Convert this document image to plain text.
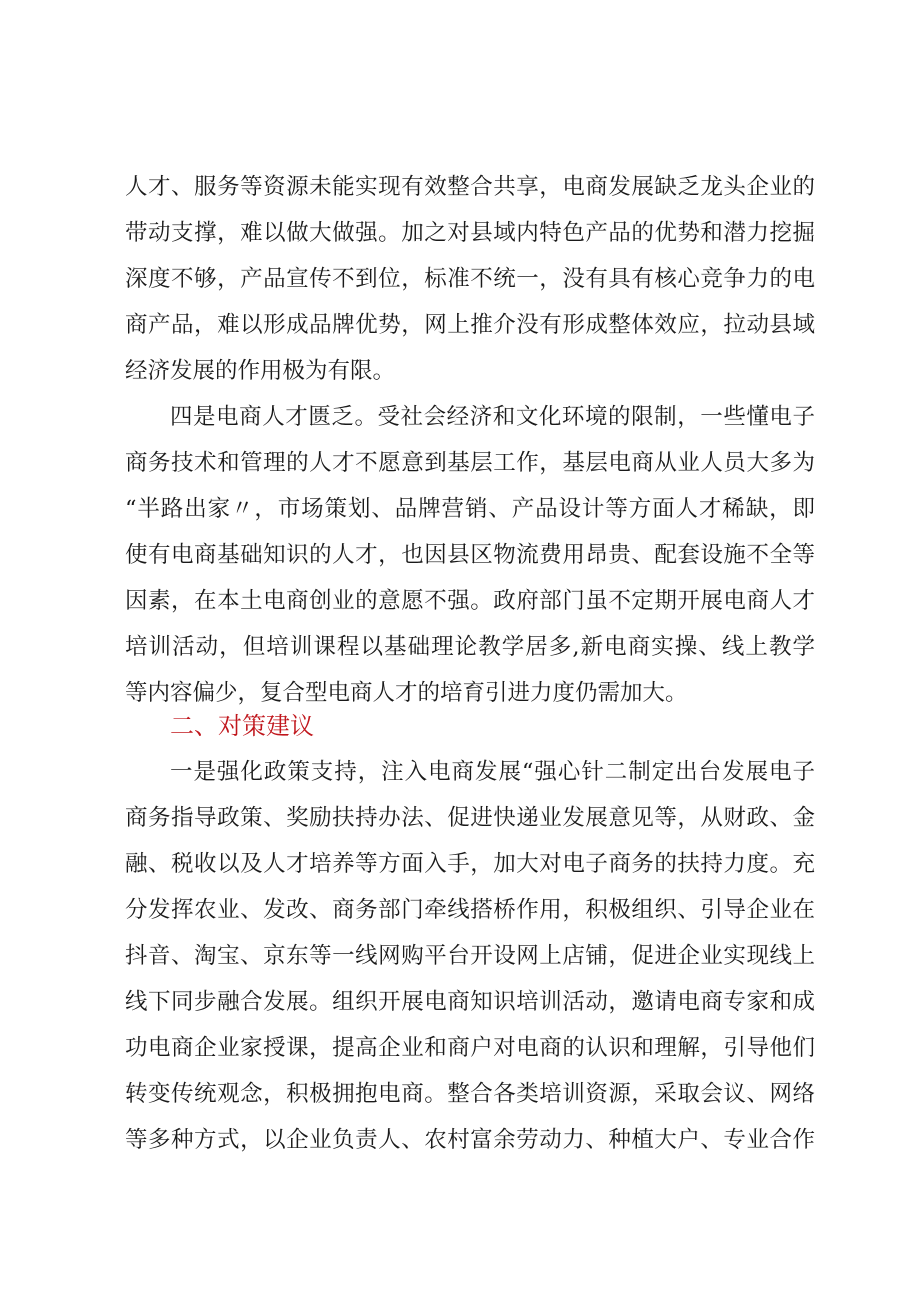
人才、服务等资源未能实现有效整合共享，电商发展缺乏龙头企业的
带动支撑，难以做大做强。加之对县域内特色产品的优势和潜力挖掘
深度不够，产品宣传不到位，标准不统一，没有具有核心竞争力的电
商产品，难以形成品牌优势，网上推介没有形成整体效应，拉动县域
经济发展的作用极为有限。
四是电商人才匮乏。受社会经济和文化环境的限制，一些懂电子
商务技术和管理的人才不愿意到基层工作，基层电商从业人员大多为
“半路出家〃，市场策划、品牌营销、产品设计等方面人才稀缺，即
使有电商基础知识的人才，也因县区物流费用昂贵、配套设施不全等
因素，在本土电商创业的意愿不强。政府部门虽不定期开展电商人才
培训活动，但培训课程以基础理论教学居多,新电商实操、线上教学
等内容偏少，复合型电商人才的培育引进力度仍需加大。
二、对策建议
一是强化政策支持，注入电商发展“强心针二制定出台发展电子
商务指导政策、奖励扶持办法、促进快递业发展意见等，从财政、金
融、税收以及人才培养等方面入手，加大对电子商务的扶持力度。充
分发挥农业、发改、商务部门牵线搭桥作用，积极组织、引导企业在
抖音、淘宝、京东等一线网购平台开设网上店铺，促进企业实现线上
线下同步融合发展。组织开展电商知识培训活动，邀请电商专家和成
功电商企业家授课，提高企业和商户对电商的认识和理解，引导他们
转变传统观念，积极拥抱电商。整合各类培训资源，采取会议、网络
等多种方式，以企业负责人、农村富余劳动力、种植大户、专业合作
